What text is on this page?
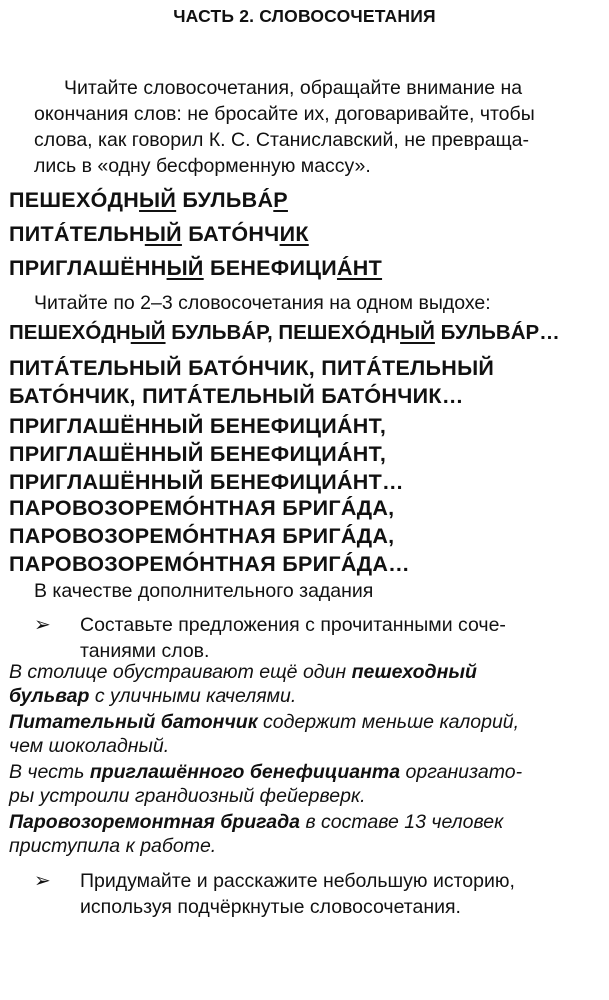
ЧАСТЬ 2. СЛОВОСОЧЕТАНИЯ
Читайте словосочетания, обращайте внимание на
окончания слов: не бросайте их, договаривайте, чтобы
слова, как говорил К. С. Станиславский, не превраща-
лись в «одну бесформенную массу».
ПЕШЕХÓДНЫЙ БУЛЬВÁР
ПИТÁТЕЛЬНЫЙ БАТÓНЧИК
ПРИГЛАШЁННЫЙ БЕНЕФИЦИÁНТ
Читайте по 2–3 словосочетания на одном выдохе:
ПЕШЕХÓДНЫЙ БУЛЬВÁР, ПЕШЕХÓДНЫЙ БУЛЬВÁР…
ПИТÁТЕЛЬНЫЙ БАТÓНЧИК, ПИТÁТЕЛЬНЫЙ
БАТÓНЧИК, ПИТÁТЕЛЬНЫЙ БАТÓНЧИК…
ПРИГЛАШЁННЫЙ БЕНЕФИЦИÁНТ,
ПРИГЛАШЁННЫЙ БЕНЕФИЦИÁНТ,
ПРИГЛАШЁННЫЙ БЕНЕФИЦИÁНТ…
ПАРОВОЗОРЕМÓНТНАЯ БРИГÁДА,
ПАРОВОЗОРЕМÓНТНАЯ БРИГÁДА,
ПАРОВОЗОРЕМÓНТНАЯ БРИГÁДА…
В качестве дополнительного задания
➢ Составьте предложения с прочитанными соче-
таниями слов.
В столице обустраивают ещё один пешеходный
бульвар с уличными качелями.
Питательный батончик содержит меньше калорий,
чем шоколадный.
В честь приглашённого бенефицианта организато-
ры устроили грандиозный фейерверк.
Паровозоремонтная бригада в составе 13 человек
приступила к работе.
➢ Придумайте и расскажите небольшую историю,
используя подчёркнутые словосочетания.
